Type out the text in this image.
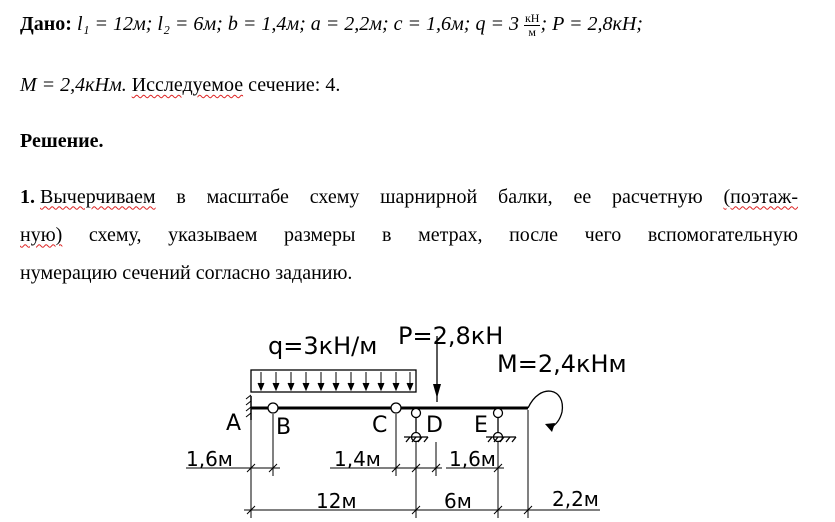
Дано: l₁ = 12м; l₂ = 6м; b = 1,4м; a = 2,2м; c = 1,6м; $q = 3 \frac{кН}{м}$ ; P = 2,8кН;
M = 2,4кНм. Исследуемое сечение: 4.
Решение.
1. Вычерчиваем в масштабе схему шарнирной балки, ее расчетную (поэтаж-
ную) схему, указываем размеры в метрах, после чего вспомогательную
нумерацию сечений согласно заданию.
q=3кН/м P=2,8кН
A B	C D E
M=2,4кНм
1,6м	1,4м	1,6м
12м	6м	2,2м
